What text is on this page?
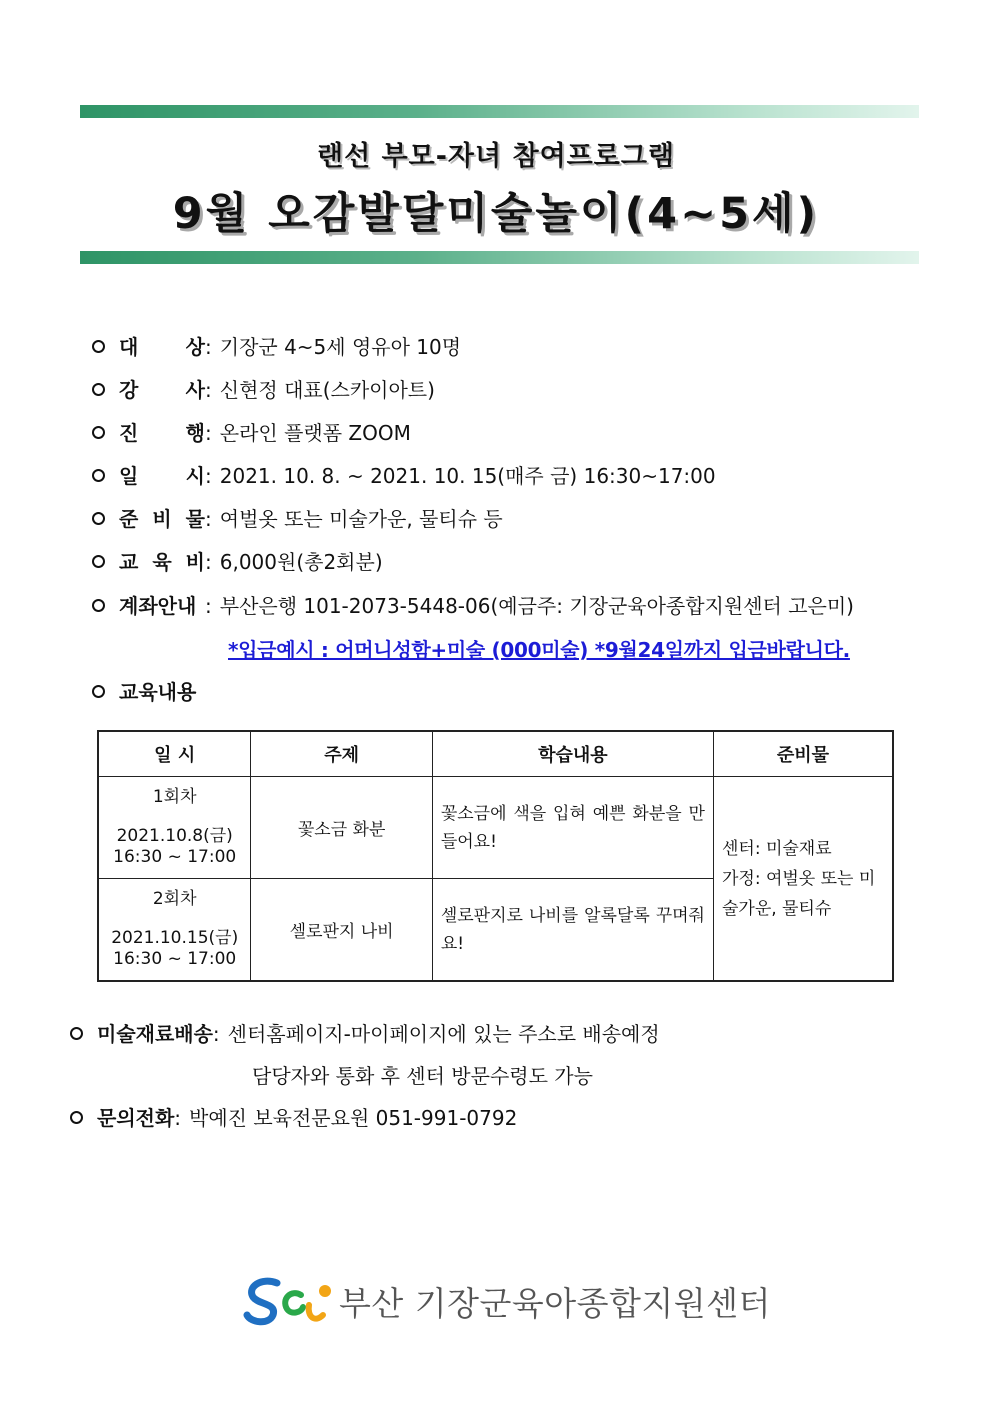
랜선 부모-자녀 참여프로그램
9월 오감발달미술놀이(4~5세)
대 상: 기장군 4~5세 영유아 10명
강 사: 신현정 대표(스카이아트)
진 행: 온라인 플랫폼 ZOOM
일 시: 2021. 10. 8. ~ 2021. 10. 15(매주 금) 16:30~17:00
준 비 물: 여벌옷 또는 미술가운, 물티슈 등
교 육 비: 6,000원(총2회분)
계좌안내 : 부산은행 101-2073-5448-06(예금주: 기장군육아종합지원센터 고은미)
*입금예시 : 어머니성함+미술 (000미술) *9월24일까지 입금바랍니다.
교육내용
일 시	주제	학습내용	준비물
1회차
2021.10.8(금)
16:30 ~ 17:00	꽃소금 화분	꽃소금에 색을 입혀 예쁜 화분을 만들어요!	센터: 미술재료
가정: 여벌옷 또는 미술가운, 물티슈
2회차
2021.10.15(금)
16:30 ~ 17:00	셀로판지 나비	셀로판지로 나비를 알록달록 꾸며줘요!	
미술재료배송: 센터홈페이지-마이페이지에 있는 주소로 배송예정
담당자와 통화 후 센터 방문수령도 가능
문의전화: 박예진 보육전문요원 051-991-0792
부산 기장군육아종합지원센터
